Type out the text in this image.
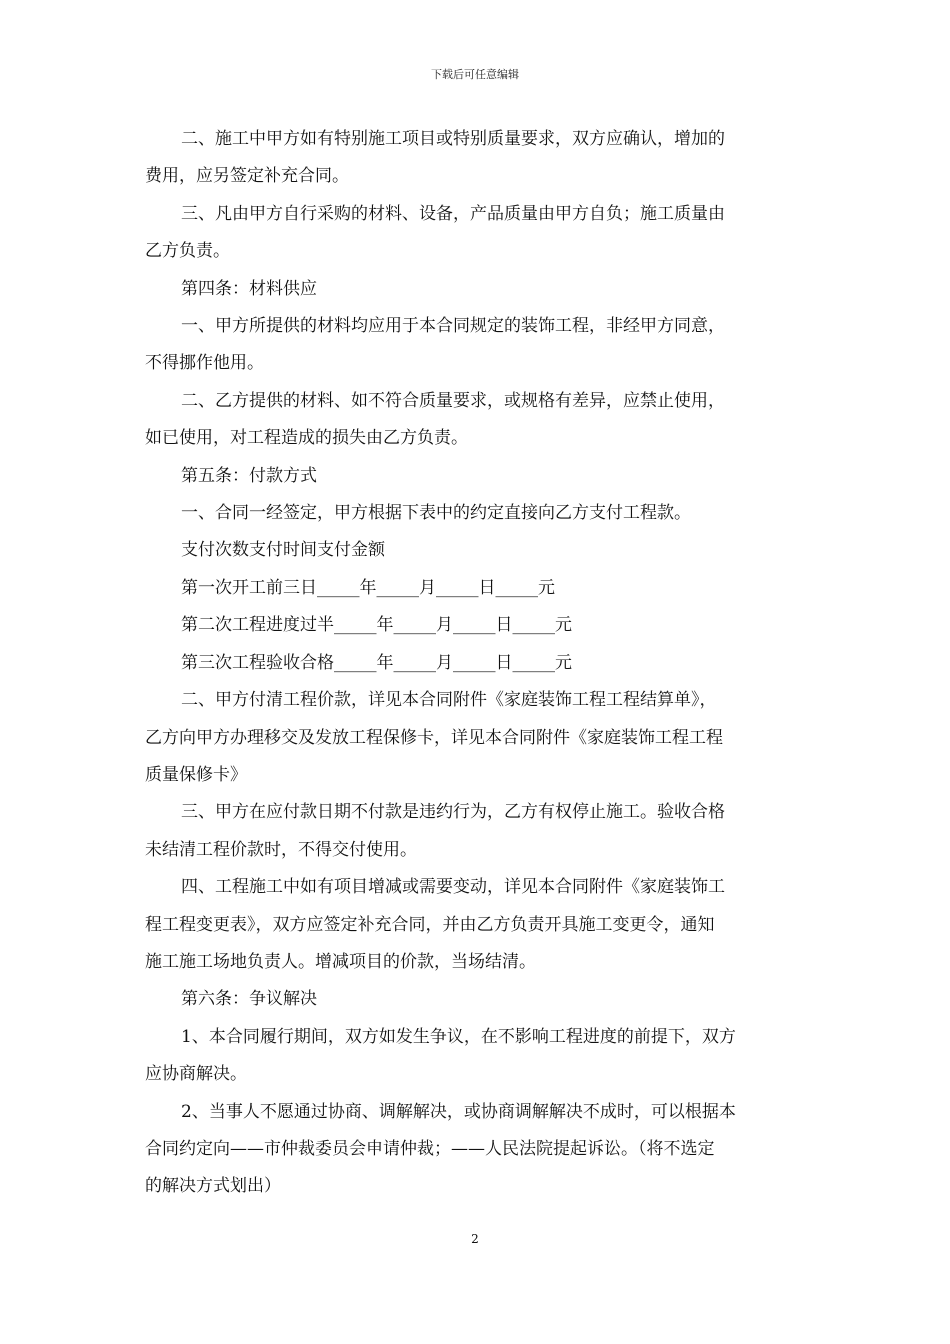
下载后可任意编辑

二、施工中甲方如有特别施工项目或特别质量要求，双方应确认，增加的

费用，应另签定补充合同。

三、凡由甲方自行采购的材料、设备，产品质量由甲方自负；施工质量由

乙方负责。

第四条：材料供应

一、甲方所提供的材料均应用于本合同规定的装饰工程，非经甲方同意，

不得挪作他用。

二、乙方提供的材料、如不符合质量要求，或规格有差异，应禁止使用，

如已使用，对工程造成的损失由乙方负责。

第五条：付款方式

一、合同一经签定，甲方根据下表中的约定直接向乙方支付工程款。

支付次数支付时间支付金额

第一次开工前三日_____年_____月_____日_____元

第二次工程进度过半_____年_____月_____日_____元

第三次工程验收合格_____年_____月_____日_____元

二、甲方付清工程价款，详见本合同附件《家庭装饰工程工程结算单》，

乙方向甲方办理移交及发放工程保修卡，详见本合同附件《家庭装饰工程工程

质量保修卡》

三、甲方在应付款日期不付款是违约行为，乙方有权停止施工。验收合格

未结清工程价款时，不得交付使用。

四、工程施工中如有项目增减或需要变动，详见本合同附件《家庭装饰工

程工程变更表》，双方应签定补充合同，并由乙方负责开具施工变更令，通知

施工施工场地负责人。增减项目的价款，当场结清。

第六条：争议解决

1、本合同履行期间，双方如发生争议，在不影响工程进度的前提下，双方

应协商解决。

2、当事人不愿通过协商、调解解决，或协商调解解决不成时，可以根据本

合同约定向——市仲裁委员会申请仲裁；——人民法院提起诉讼。（将不选定

的解决方式划出）

2
